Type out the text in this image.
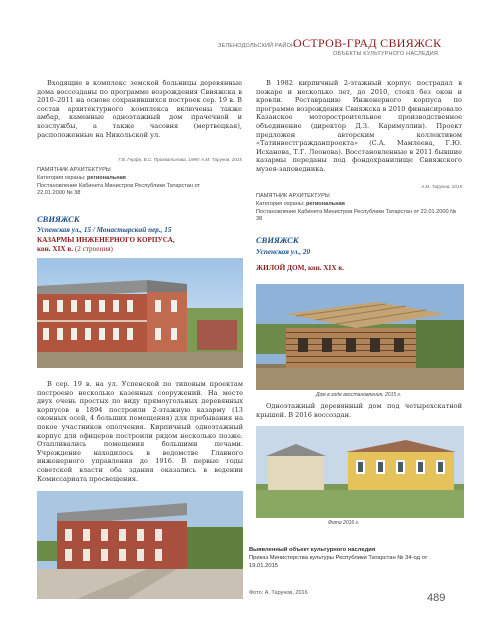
ЗЕЛЕНОДОЛЬСКИЙ РАЙОН.
ОСТРОВ-ГРАД СВИЯЖСК
ОБЪЕКТЫ КУЛЬТУРНОГО НАСЛЕДИЯ

Входящие в комплекс земской больницы деревянные дома воссозданы по программе возрождения Свияжска в 2010–2011 на основе сохранившихся построек сер. 19 в. В состав архитектурного комплекса включены также амбар, каменные одноэтажный дом прачечной и хозслужбы, а также часовня (мертвецкая), расположенные на Никольской ул.

Г.В. Герфа, В.С. Прохватилова, 1999; А.М. Тарунов, 2015
ПАМЯТНИК АРХИТЕКТУРЫ
Категория охраны: региональная
Постановление Кабинета Министров Республики Татарстан от 22.01.2000 № 38
СВИЯЖСК
Успенская ул., 15 / Монастырский пер., 15
КАЗАРМЫ ИНЖЕНЕРНОГО КОРПУСА,
кон. XIX в. (2 строения)

В 1982 кирпичный 2-этажный корпус пострадал в пожаре и несколько лет, до 2010, стоял без окон и кровли. Реставрацию Инженерного корпуса по программе возрождения Свияжска в 2010 финансировало Казанское моторостроительное производственное объединение (директор Д.З. Каримуллин). Проект предложен авторским коллективом «Татинвестгражданпроекта» (С.А. Мамлеева, Г.Ю. Исханова, Т.Г. Леонова). Восстановленные в 2011 бывшие казармы переданы под фондохранилище Свияжского музея-заповедника.

А.М. Тарунов, 2015
ПАМЯТНИК АРХИТЕКТУРЫ
Категория охраны: региональная
Постановление Кабинета Министров Республики Татарстан от 22.01.2000 № 38
СВИЯЖСК
Успенская ул., 20
ЖИЛОЙ ДОМ, кон. XIX в.
Дом в ходе восстановления, 2015 г.

В сер. 19 в. на ул. Успенской по типовым проектам построено несколько казенных сооружений. На месте двух очень простых по виду прямоугольных деревянных корпусов в 1894 построили 2-этажную казарму (13 оконных осей, 4 больших помещения) для пребывания на покое участников ополчения. Кирпичный одноэтажный корпус для офицеров построили рядом несколько позже. Отапливались помещения большими печами. Учреждение находилось в ведомстве Главного инженерного управления до 1916. В первые годы советской власти оба здания оказались в ведении Комиссариата просвещения.

Одноэтажный деревянный дом под четырехскатной крышей. В 2016 воссоздан.

Фото 2016 г.
Выявленный объект культурного наследия
Приказ Министерства культуры Республики Татарстан № 34-од от 19.01.2015
Фото: А. Тарунов, 2016	489
